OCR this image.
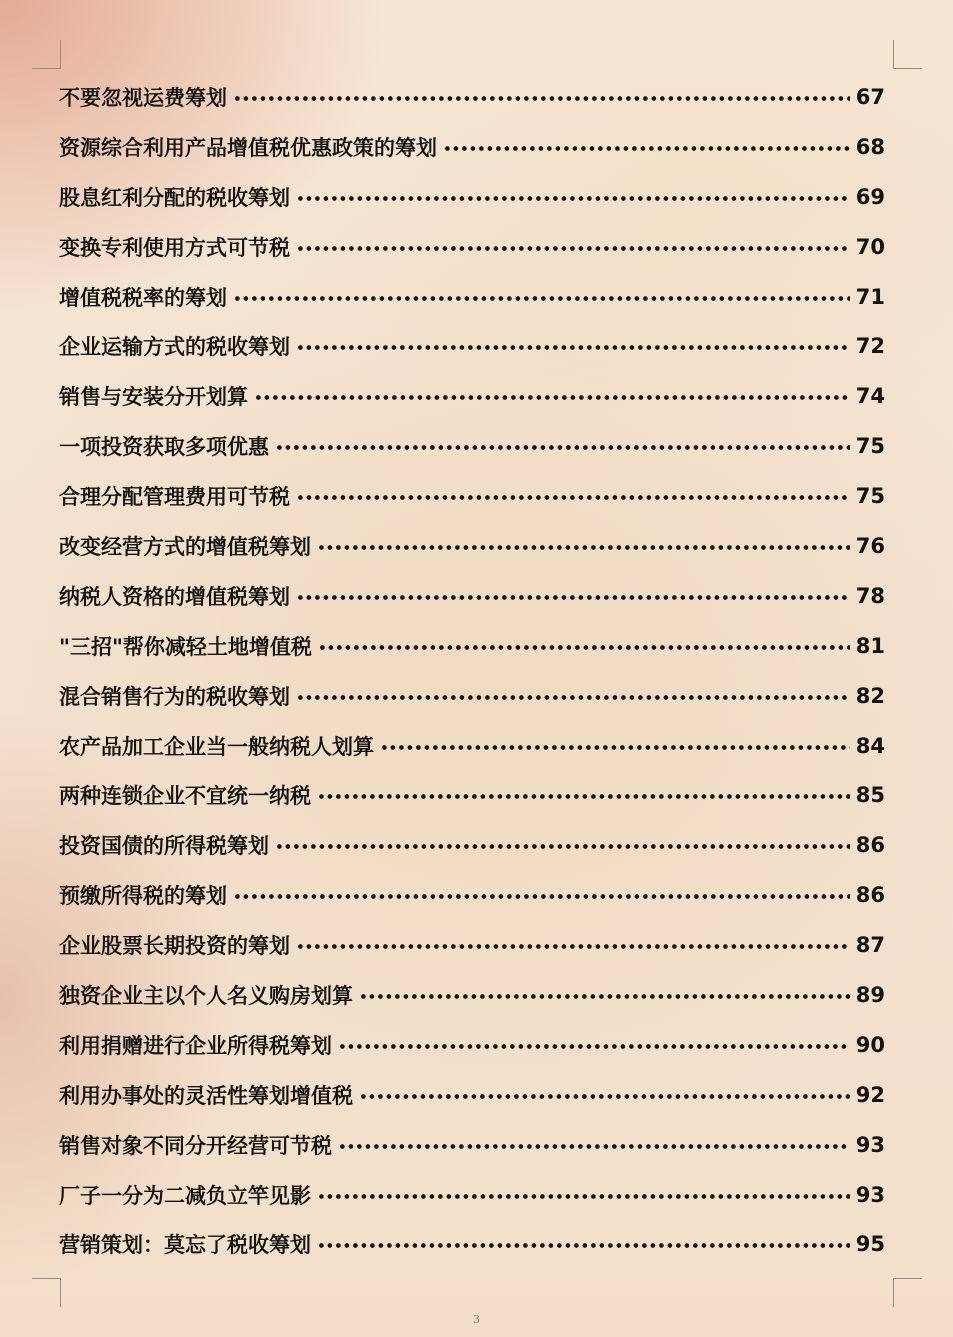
不要忽视运费筹划	67
资源综合利用产品增值税优惠政策的筹划	68
股息红利分配的税收筹划	69
变换专利使用方式可节税	70
增值税税率的筹划	71
企业运输方式的税收筹划	72
销售与安装分开划算	74
一项投资获取多项优惠	75
合理分配管理费用可节税	75
改变经营方式的增值税筹划	76
纳税人资格的增值税筹划	78
"三招"帮你减轻土地增值税	81
混合销售行为的税收筹划	82
农产品加工企业当一般纳税人划算	84
两种连锁企业不宜统一纳税	85
投资国债的所得税筹划	86
预缴所得税的筹划	86
企业股票长期投资的筹划	87
独资企业主以个人名义购房划算	89
利用捐赠进行企业所得税筹划	90
利用办事处的灵活性筹划增值税	92
销售对象不同分开经营可节税	93
厂子一分为二减负立竿见影	93
营销策划：莫忘了税收筹划	95
3
